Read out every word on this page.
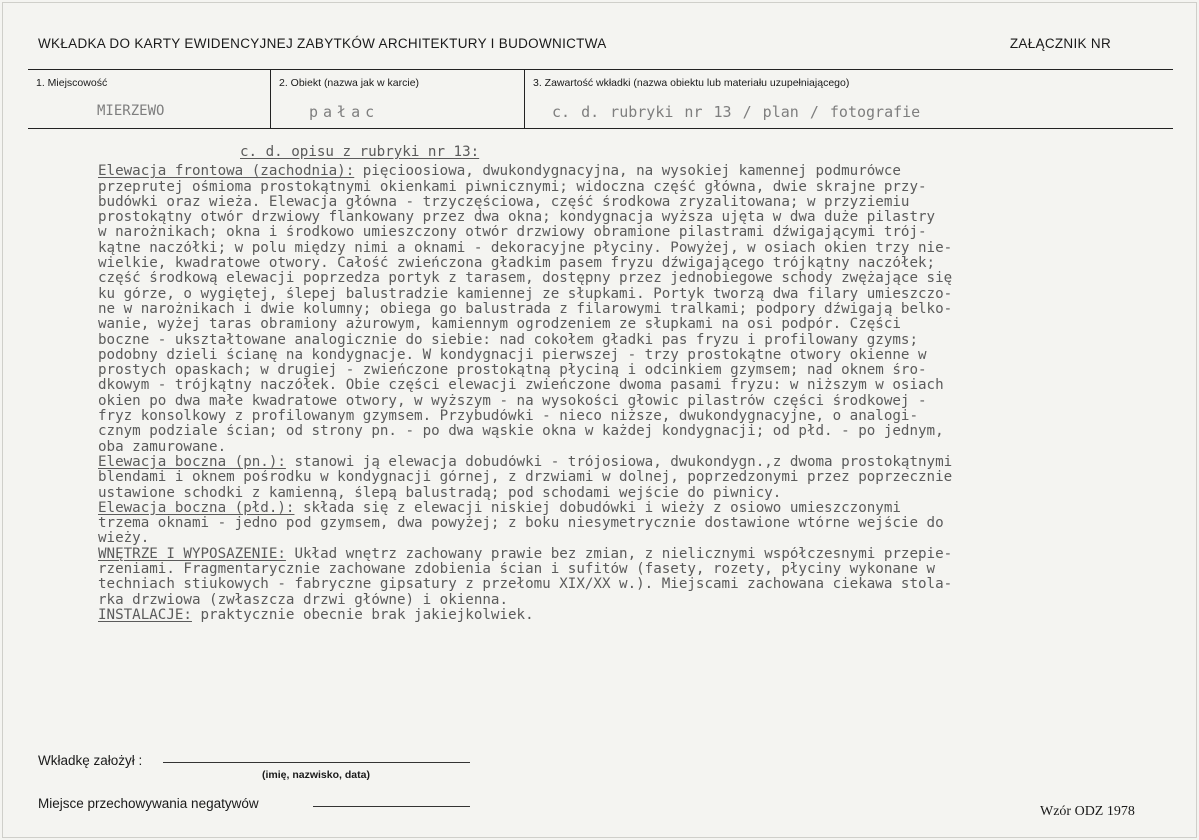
WKŁADKA DO KARTY EWIDENCYJNEJ ZABYTKÓW ARCHITEKTURY I BUDOWNICTWA	ZAŁĄCZNIK NR
1. Miejscowość
MIERZEWO
2. Obiekt (nazwa jak w karcie)
pałac
3. Zawartość wkładki (nazwa obiektu lub materiału uzupełniającego)
c. d. rubryki nr 13 / plan / fotografie

c. d. opisu z rubryki nr 13:

Elewacja frontowa (zachodnia): pięcioosiowa, dwukondygnacyjna, na wysokiej kamennej podmurówce

przeprutej ośmioma prostokątnymi okienkami piwnicznymi; widoczna część główna, dwie skrajne przy-

budówki oraz wieża. Elewacja główna - trzyczęściowa, część środkowa zryzalitowana; w przyziemiu

prostokątny otwór drzwiowy flankowany przez dwa okna; kondygnacja wyższa ujęta w dwa duże pilastry

w narożnikach; okna i środkowo umieszczony otwór drzwiowy obramione pilastrami dźwigającymi trój-

kątne naczółki; w polu między nimi a oknami - dekoracyjne płyciny. Powyżej, w osiach okien trzy nie-

wielkie, kwadratowe otwory. Całość zwieńczona gładkim pasem fryzu dźwigającego trójkątny naczółek;

część środkową elewacji poprzedza portyk z tarasem, dostępny przez jednobiegowe schody zwężające się

ku górze, o wygiętej, ślepej balustradzie kamiennej ze słupkami. Portyk tworzą dwa filary umieszczo-

ne w narożnikach i dwie kolumny; obiega go balustrada z filarowymi tralkami; podpory dźwigają belko-

wanie, wyżej taras obramiony ażurowym, kamiennym ogrodzeniem ze słupkami na osi podpór. Części

boczne - ukształtowane analogicznie do siebie: nad cokołem gładki pas fryzu i profilowany gzyms;

podobny dzieli ścianę na kondygnacje. W kondygnacji pierwszej - trzy prostokątne otwory okienne w

prostych opaskach; w drugiej - zwieńczone prostokątną płyciną i odcinkiem gzymsem; nad oknem śro-

dkowym - trójkątny naczółek. Obie części elewacji zwieńczone dwoma pasami fryzu: w niższym w osiach

okien po dwa małe kwadratowe otwory, w wyższym - na wysokości głowic pilastrów części środkowej -

fryz konsolkowy z profilowanym gzymsem. Przybudówki - nieco niższe, dwukondygnacyjne, o analogi-

cznym podziale ścian; od strony pn. - po dwa wąskie okna w każdej kondygnacji; od płd. - po jednym,

oba zamurowane.

Elewacja boczna (pn.): stanowi ją elewacja dobudówki - trójosiowa, dwukondygn.,z dwoma prostokątnymi

blendami i oknem pośrodku w kondygnacji górnej, z drzwiami w dolnej, poprzedzonymi przez poprzecznie

ustawione schodki z kamienną, ślepą balustradą; pod schodami wejście do piwnicy.

Elewacja boczna (płd.): składa się z elewacji niskiej dobudówki i wieży z osiowo umieszczonymi

trzema oknami - jedno pod gzymsem, dwa powyżej; z boku niesymetrycznie dostawione wtórne wejście do

wieży.

WNĘTRZE I WYPOSAŻENIE: Układ wnętrz zachowany prawie bez zmian, z nielicznymi współczesnymi przepie-

rzeniami. Fragmentarycznie zachowane zdobienia ścian i sufitów (fasety, rozety, płyciny wykonane w

techniach stiukowych - fabryczne gipsatury z przełomu XIX/XX w.). Miejscami zachowana ciekawa stola-

rka drzwiowa (zwłaszcza drzwi główne) i okienna.

INSTALACJE: praktycznie obecnie brak jakiejkolwiek.

Wkładkę założył :
(imię, nazwisko, data)
Miejsce przechowywania negatywów
Wzór ODZ 1978
